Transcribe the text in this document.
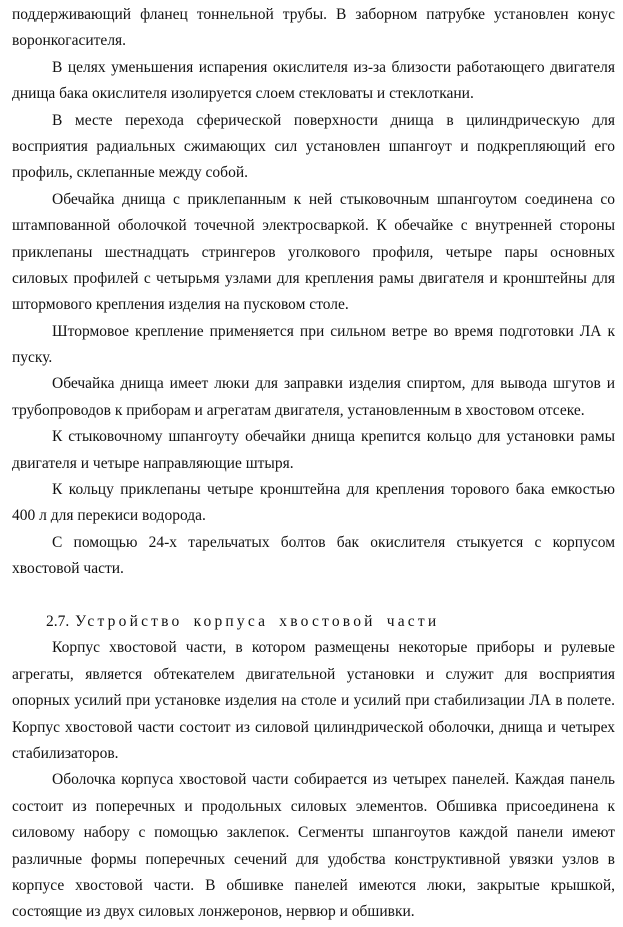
поддерживающий фланец тоннельной трубы. В заборном патрубке установлен конус
воронкогасителя.
В целях уменьшения испарения окислителя из-за близости работающего двигателя
днища бака окислителя изолируется слоем стекловаты и стеклоткани.
В месте перехода сферической поверхности днища в цилиндрическую для
восприятия радиальных сжимающих сил установлен шпангоут и подкрепляющий его
профиль, склепанные между собой.
Обечайка днища с приклепанным к ней стыковочным шпангоутом соединена со
штампованной оболочкой точечной электросваркой. К обечайке с внутренней стороны
приклепаны шестнадцать стрингеров уголкового профиля, четыре пары основных
силовых профилей с четырьмя узлами для крепления рамы двигателя и кронштейны для
штормового крепления изделия на пусковом столе.
Штормовое крепление применяется при сильном ветре во время подготовки ЛА к
пуску.
Обечайка днища имеет люки для заправки изделия спиртом, для вывода шгутов и
трубопроводов к приборам и агрегатам двигателя, установленным в хвостовом отсеке.
К стыковочному шпангоуту обечайки днища крепится кольцо для установки рамы
двигателя и четыре направляющие штыря.
К кольцу приклепаны четыре кронштейна для крепления торового бака емкостью
400 л для перекиси водорода.
С помощью 24-х тарельчатых болтов бак окислителя стыкуется с корпусом
хвостовой части.
2.7. Устройство корпуса хвостовой части
Корпус хвостовой части, в котором размещены некоторые приборы и рулевые
агрегаты, является обтекателем двигательной установки и служит для восприятия
опорных усилий при установке изделия на столе и усилий при стабилизации ЛА в полете.
Корпус хвостовой части состоит из силовой цилиндрической оболочки, днища и четырех
стабилизаторов.
Оболочка корпуса хвостовой части собирается из четырех панелей. Каждая панель
состоит из поперечных и продольных силовых элементов. Обшивка присоединена к
силовому набору с помощью заклепок. Сегменты шпангоутов каждой панели имеют
различные формы поперечных сечений для удобства конструктивной увязки узлов в
корпусе хвостовой части. В обшивке панелей имеются люки, закрытые крышкой,
состоящие из двух силовых лонжеронов, нервюр и обшивки.
